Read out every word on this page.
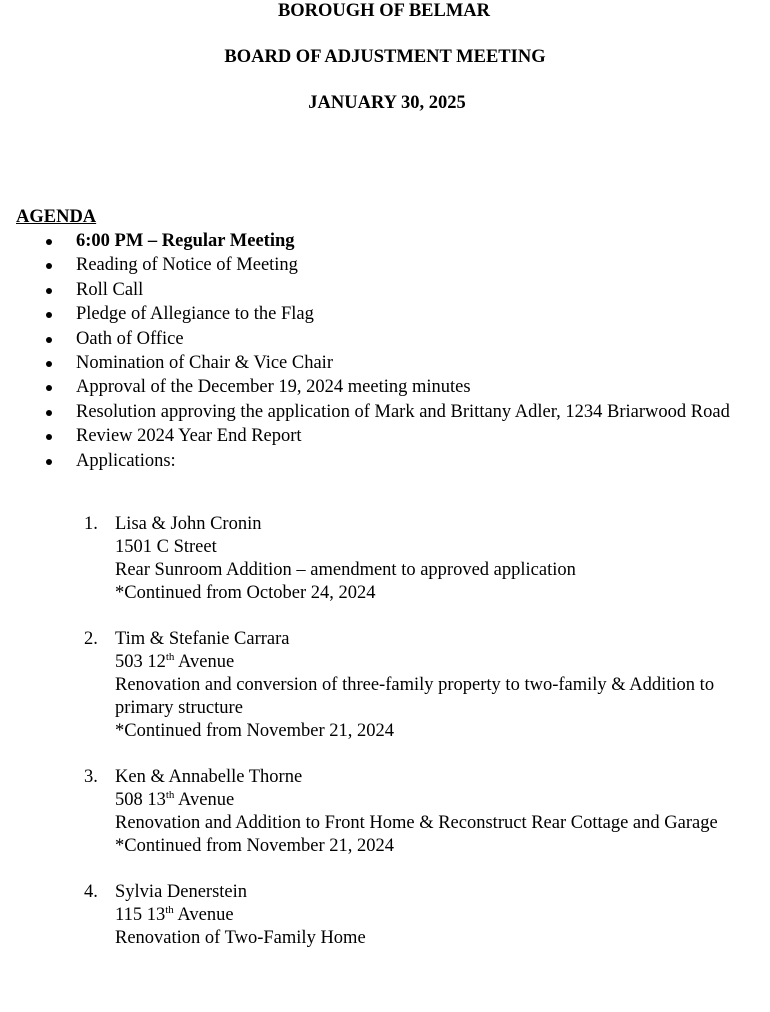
BOROUGH OF BELMAR
BOARD OF ADJUSTMENT MEETING
JANUARY 30, 2025
AGENDA
6:00 PM – Regular Meeting
Reading of Notice of Meeting
Roll Call
Pledge of Allegiance to the Flag
Oath of Office
Nomination of Chair & Vice Chair
Approval of the December 19, 2024 meeting minutes
Resolution approving the application of Mark and Brittany Adler, 1234 Briarwood Road
Review 2024 Year End Report
Applications:
1. Lisa & John Cronin
1501 C Street
Rear Sunroom Addition – amendment to approved application
*Continued from October 24, 2024
2. Tim & Stefanie Carrara
503 12th Avenue
Renovation and conversion of three-family property to two-family & Addition to primary structure
*Continued from November 21, 2024
3. Ken & Annabelle Thorne
508 13th Avenue
Renovation and Addition to Front Home & Reconstruct Rear Cottage and Garage
*Continued from November 21, 2024
4. Sylvia Denerstein
115 13th Avenue
Renovation of Two-Family Home
